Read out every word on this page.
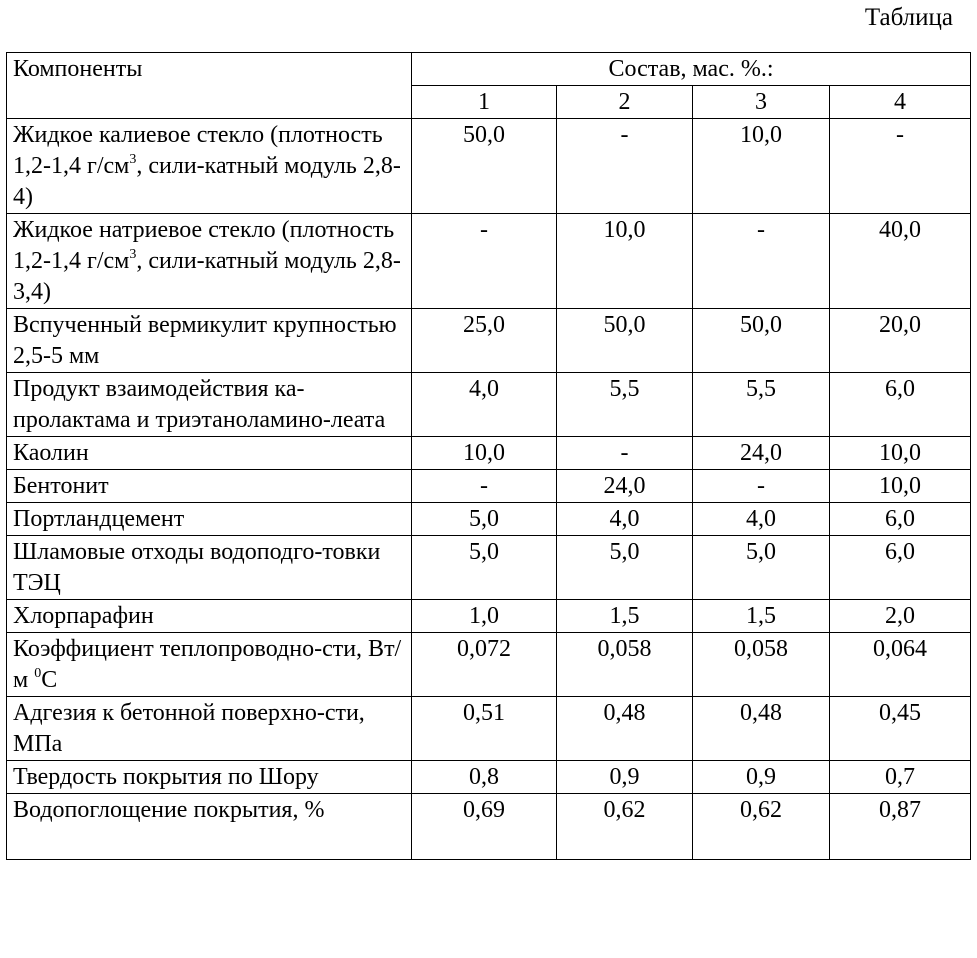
Таблица
Компоненты	Состав, мас. %.:			
	1	2	3	4
Жидкое калиевое стекло (плотность 1,2-1,4 $г/см^3$, сили-катный модуль 2,8-4)	50,0	-	10,0	-
Жидкое натриевое стекло (плотность 1,2-1,4 $г/см^3$, сили-катный модуль 2,8-3,4)	-	10,0	-	40,0
Вспученный вермикулит крупностью 2,5-5 мм	25,0	50,0	50,0	20,0
Продукт взаимодействия ка-пролактама и триэтаноламино-леата	4,0	5,5	5,5	6,0
Каолин	10,0	-	24,0	10,0
Бентонит	-	24,0	-	10,0
Портландцемент	5,0	4,0	4,0	6,0
Шламовые отходы водоподго-товки ТЭЦ	5,0	5,0	5,0	6,0
Хлорпарафин	1,0	1,5	1,5	2,0
Коэффициент теплопроводно-сти, Вт/м $^0$С	0,072	0,058	0,058	0,064
Адгезия к бетонной поверхно-сти, МПа	0,51	0,48	0,48	0,45
Твердость покрытия по Шору	0,8	0,9	0,9	0,7
Водопоглощение покрытия, %	0,69	0,62	0,62	0,87
